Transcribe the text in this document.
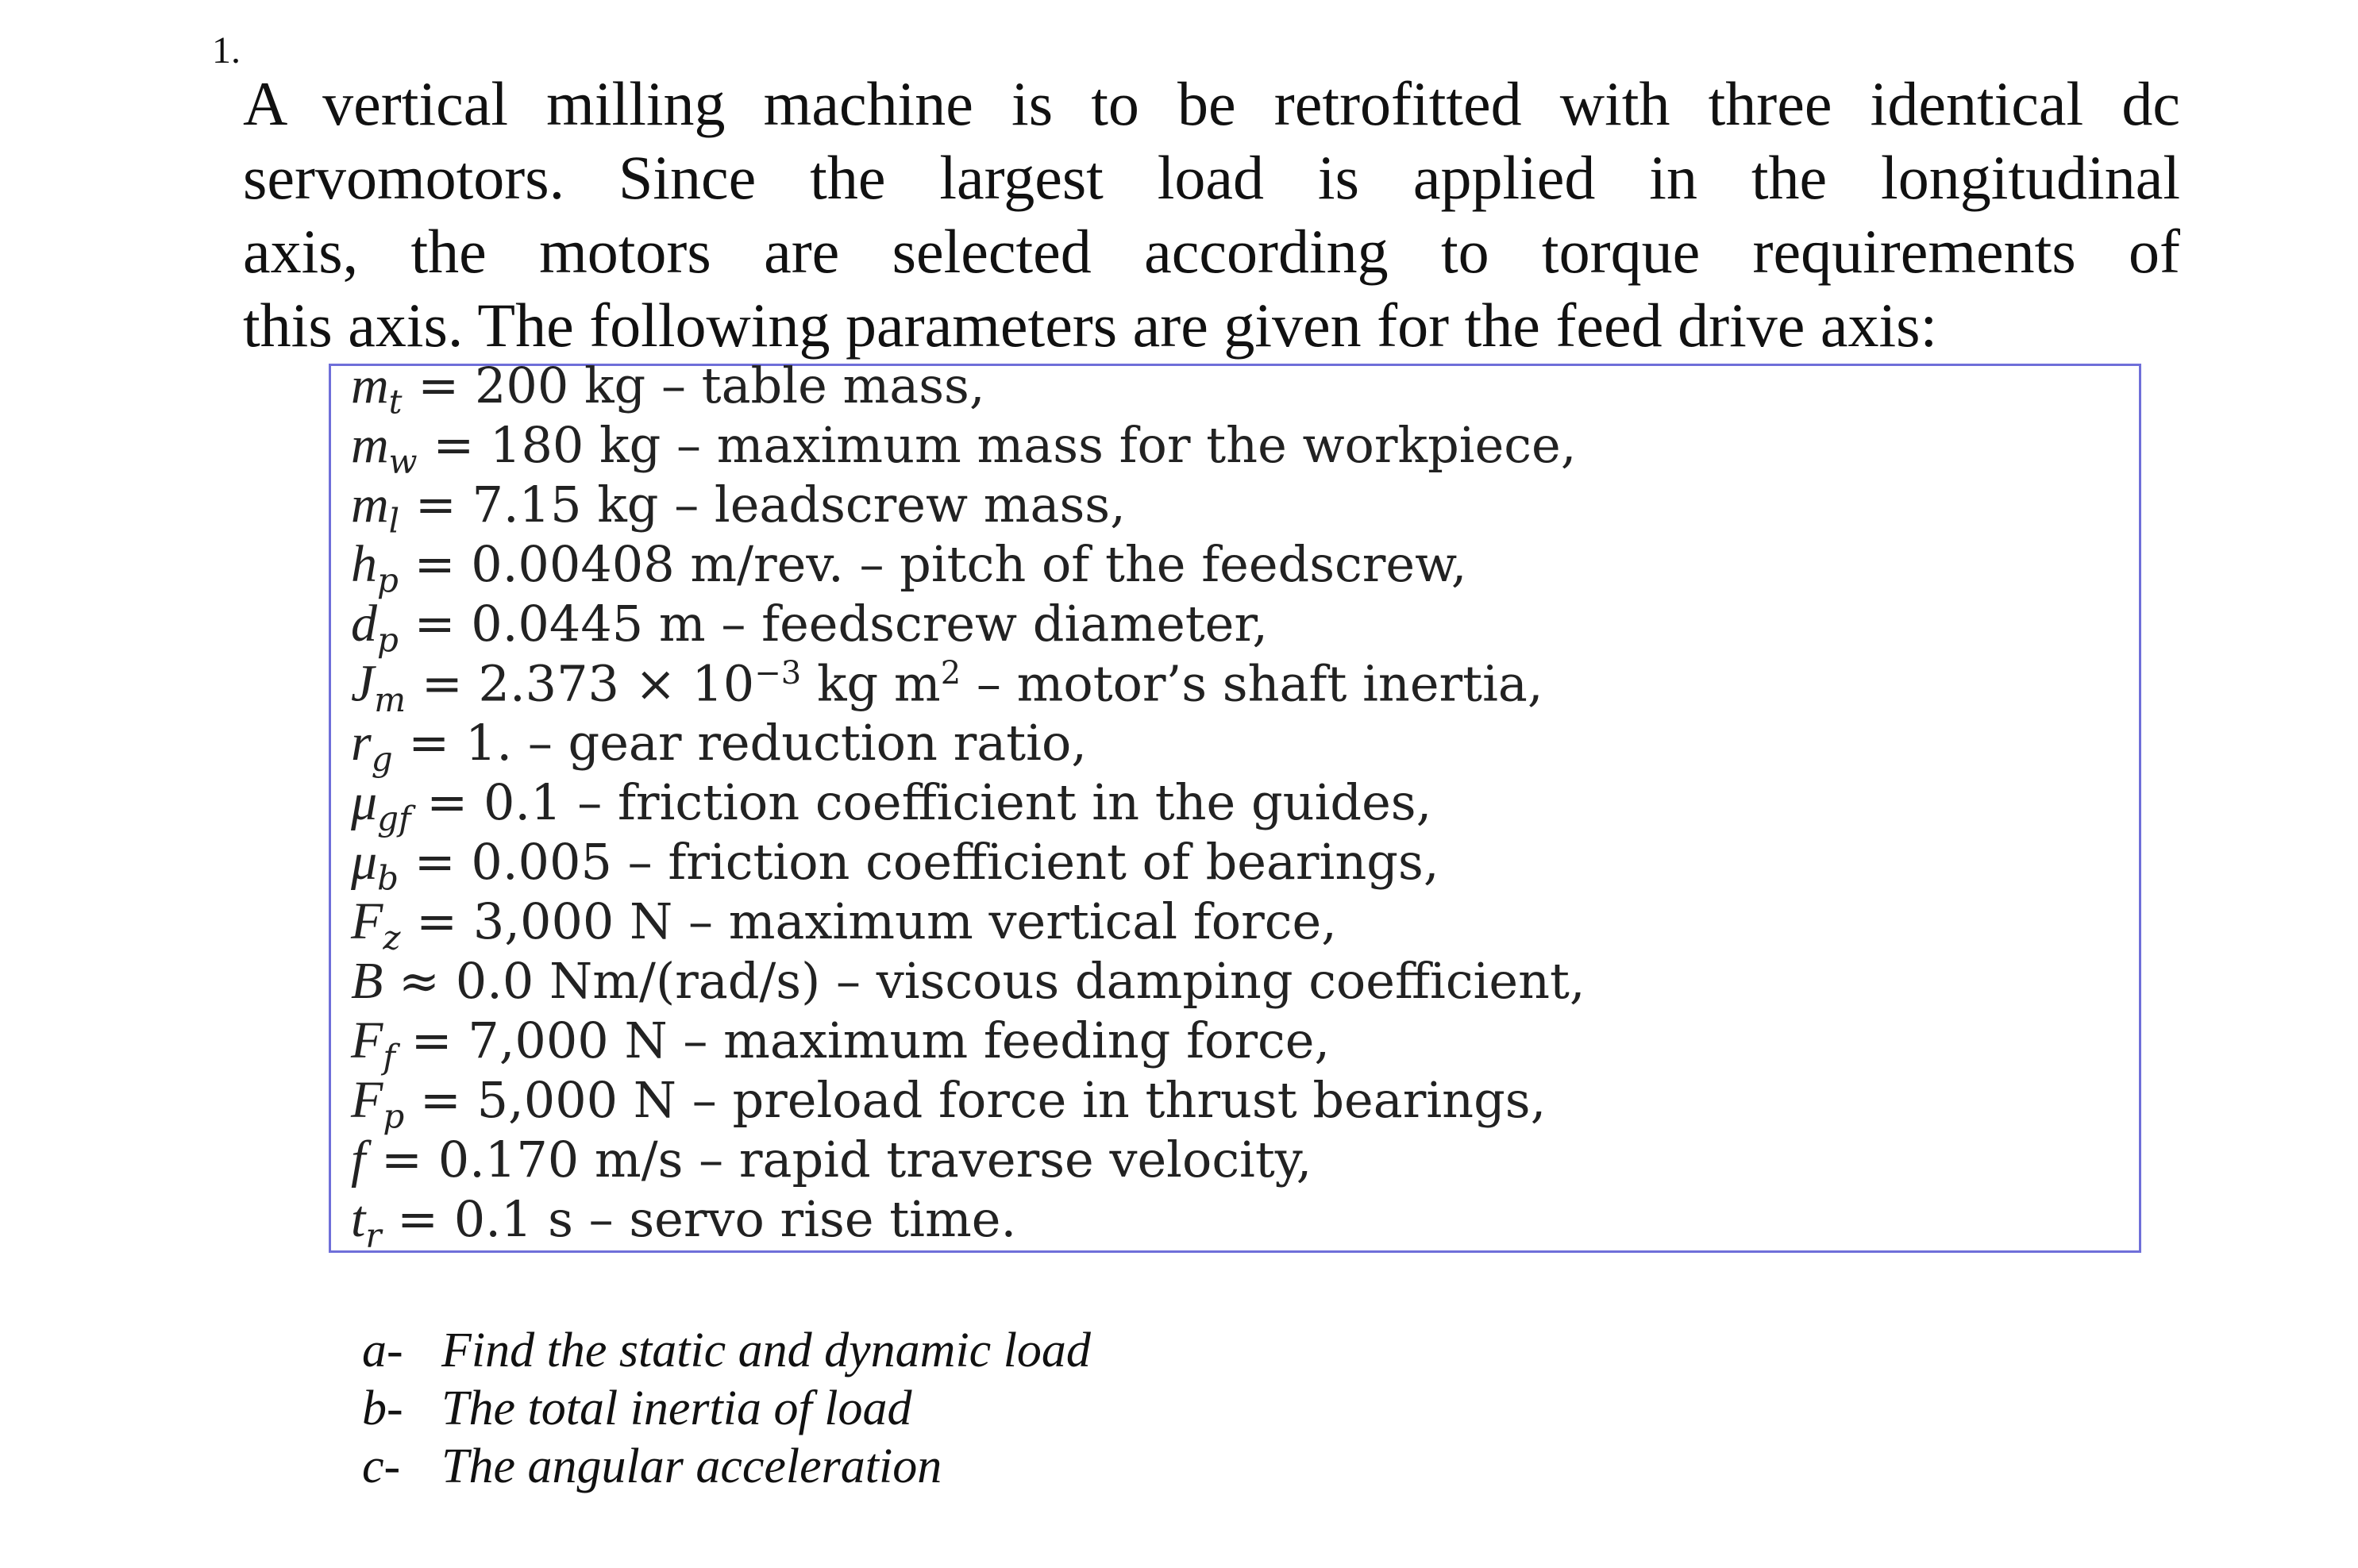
1.
A vertical milling machine is to be retrofitted with three identical dc
servomotors. Since the largest load is applied in the longitudinal
axis, the motors are selected according to torque requirements of
this axis. The following parameters are given for the feed drive axis:
$m_t = 200$ kg – table mass,
$m_w = 180$ kg – maximum mass for the workpiece,
$m_l = 7.15$ kg – leadscrew mass,
$h_p = 0.00408$ m/rev. – pitch of the feedscrew,
$d_p = 0.0445$ m – feedscrew diameter,
$J_m = 2.373 \times 10^{-3}$ kg $m^2$ – motor’s shaft inertia,
$r_g = 1$. – gear reduction ratio,
$\mu_{gf} = 0.1$ – friction coefficient in the guides,
$\mu_b = 0.005$ – friction coefficient of bearings,
$F_z = 3,000$ N – maximum vertical force,
B ≈ 0.0 Nm/(rad/s) – viscous damping coefficient,
$F_f = 7,000$ N – maximum feeding force,
$F_p = 5,000$ N – preload force in thrust bearings,
f = 0.170 m/s – rapid traverse velocity,
$t_r = 0.1$ s – servo rise time.
a- Find the static and dynamic load
b- The total inertia of load
c- The angular acceleration
